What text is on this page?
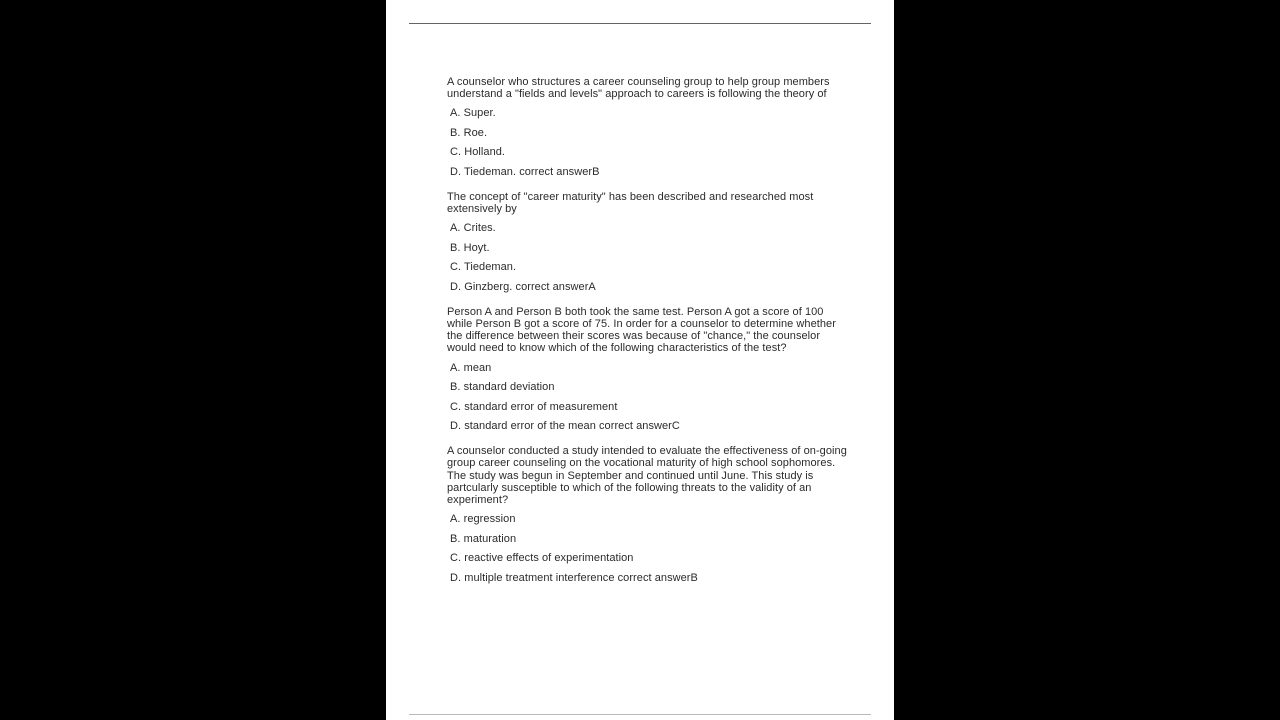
A counselor who structures a career counseling group to help group members understand a "fields and levels" approach to careers is following the theory of

A. Super.
B. Roe.
C. Holland.
D. Tiedeman. correct answerB

The concept of "career maturity" has been described and researched most extensively by

A. Crites.
B. Hoyt.
C. Tiedeman.
D. Ginzberg. correct answerA

Person A and Person B both took the same test. Person A got a score of 100 while Person B got a score of 75. In order for a counselor to determine whether the difference between their scores was because of "chance," the counselor would need to know which of the following characteristics of the test?

A. mean
B. standard deviation
C. standard error of measurement
D. standard error of the mean correct answerC

A counselor conducted a study intended to evaluate the effectiveness of on-going group career counseling on the vocational maturity of high school sophomores. The study was begun in September and continued until June. This study is partcularly susceptible to which of the following threats to the validity of an experiment?

A. regression
B. maturation
C. reactive effects of experimentation
D. multiple treatment interference correct answerB
